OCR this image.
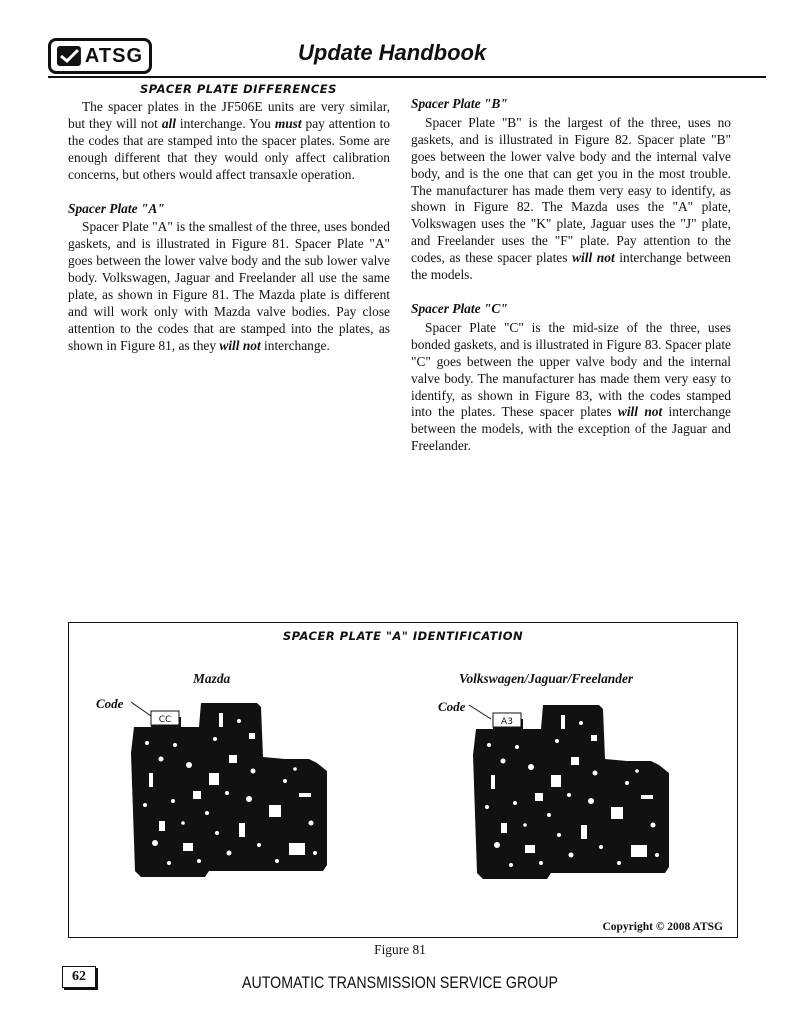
ATSG	Update Handbook
SPACER PLATE DIFFERENCES

The spacer plates in the JF506E units are very similar, but they will not all interchange. You must pay attention to the codes that are stamped into the spacer plates. Some are enough different that they would only affect calibration concerns, but others would affect transaxle operation.

Spacer Plate "A"

Spacer Plate "A" is the smallest of the three, uses bonded gaskets, and is illustrated in Figure 81. Spacer Plate "A" goes between the lower valve body and the sub lower valve body. Volkswagen, Jaguar and Freelander all use the same plate, as shown in Figure 81. The Mazda plate is different and will work only with Mazda valve bodies. Pay close attention to the codes that are stamped into the plates, as shown in Figure 81, as they will not interchange.

Spacer Plate "B"

Spacer Plate "B" is the largest of the three, uses no gaskets, and is illustrated in Figure 82. Spacer plate "B" goes between the lower valve body and the internal valve body, and is the one that can get you in the most trouble. The manufacturer has made them very easy to identify, as shown in Figure 82. The Mazda uses the "A" plate, Volkswagen uses the "K" plate, Jaguar uses the "J" plate, and Freelander uses the "F" plate. Pay attention to the codes, as these spacer plates will not interchange between the models.

Spacer Plate "C"

Spacer Plate "C" is the mid-size of the three, uses bonded gaskets, and is illustrated in Figure 83. Spacer plate "C" goes between the upper valve body and the internal valve body. The manufacturer has made them very easy to identify, as shown in Figure 83, with the codes stamped into the plates. These spacer plates will not interchange between the models, with the exception of the Jaguar and Freelander.

SPACER PLATE "A" IDENTIFICATION
Mazda	Volkswagen/Jaguar/Freelander
Code	Code
CC	A3
Copyright © 2008 ATSG
Figure 81
62	AUTOMATIC TRANSMISSION SERVICE GROUP
